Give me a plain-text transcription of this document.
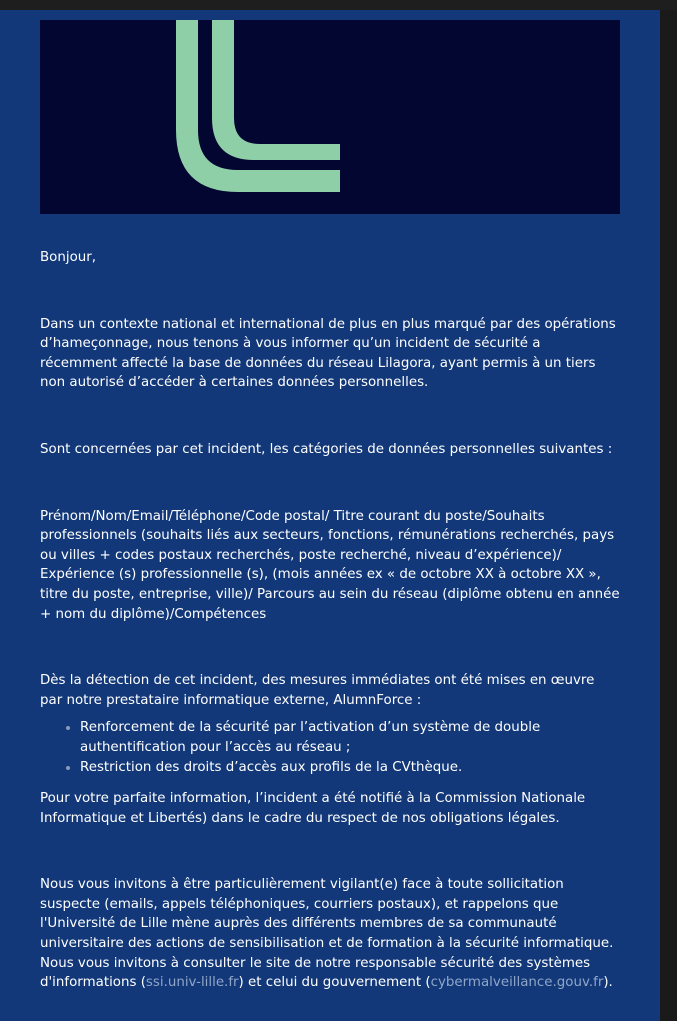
Bonjour,

Dans un contexte national et international de plus en plus marqué par des opérations d’hameçonnage, nous tenons à vous informer qu’un incident de sécurité a récemment affecté la base de données du réseau Lilagora, ayant permis à un tiers non autorisé d’accéder à certaines données personnelles.

Sont concernées par cet incident, les catégories de données personnelles suivantes :

Prénom/Nom/Email/Téléphone/Code postal/ Titre courant du poste/Souhaits professionnels (souhaits liés aux secteurs, fonctions, rémunérations recherchés, pays ou villes + codes postaux recherchés, poste recherché, niveau d’expérience)/ Expérience (s) professionnelle (s), (mois années ex « de octobre XX à octobre XX », titre du poste, entreprise, ville)/ Parcours au sein du réseau (diplôme obtenu en année + nom du diplôme)/Compétences

Dès la détection de cet incident, des mesures immédiates ont été mises en œuvre par notre prestataire informatique externe, AlumnForce :

• Renforcement de la sécurité par l’activation d’un système de double authentification pour l’accès au réseau ;
• Restriction des droits d’accès aux profils de la CVthèque.

Pour votre parfaite information, l’incident a été notifié à la Commission Nationale Informatique et Libertés) dans le cadre du respect de nos obligations légales.

Nous vous invitons à être particulièrement vigilant(e) face à toute sollicitation suspecte (emails, appels téléphoniques, courriers postaux), et rappelons que l'Université de Lille mène auprès des différents membres de sa communauté universitaire des actions de sensibilisation et de formation à la sécurité informatique. Nous vous invitons à consulter le site de notre responsable sécurité des systèmes d'informations (ssi.univ-lille.fr) et celui du gouvernement (cybermalveillance.gouv.fr).
